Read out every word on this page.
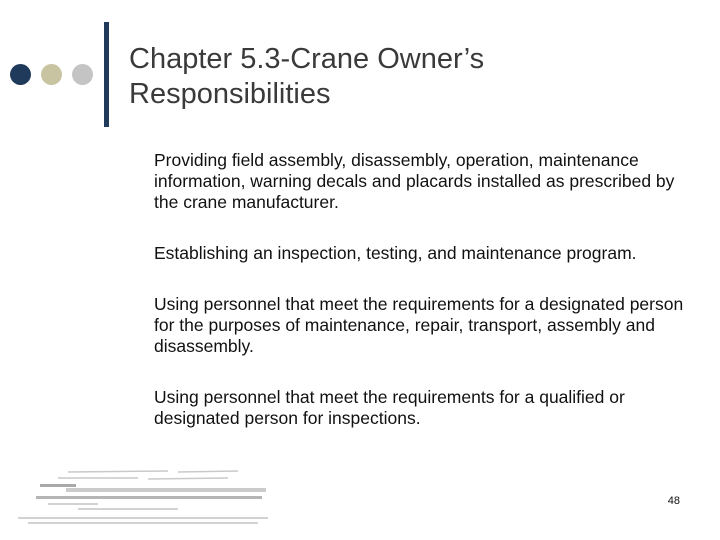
Chapter 5.3-Crane Owner’s Responsibilities

Providing field assembly, disassembly, operation, maintenance information, warning decals and placards installed as prescribed by the crane manufacturer.

Establishing an inspection, testing, and maintenance program.

Using personnel that meet the requirements for a designated person for the purposes of maintenance, repair, transport, assembly and disassembly.

Using personnel that meet the requirements for a qualified or designated person for inspections.

48
